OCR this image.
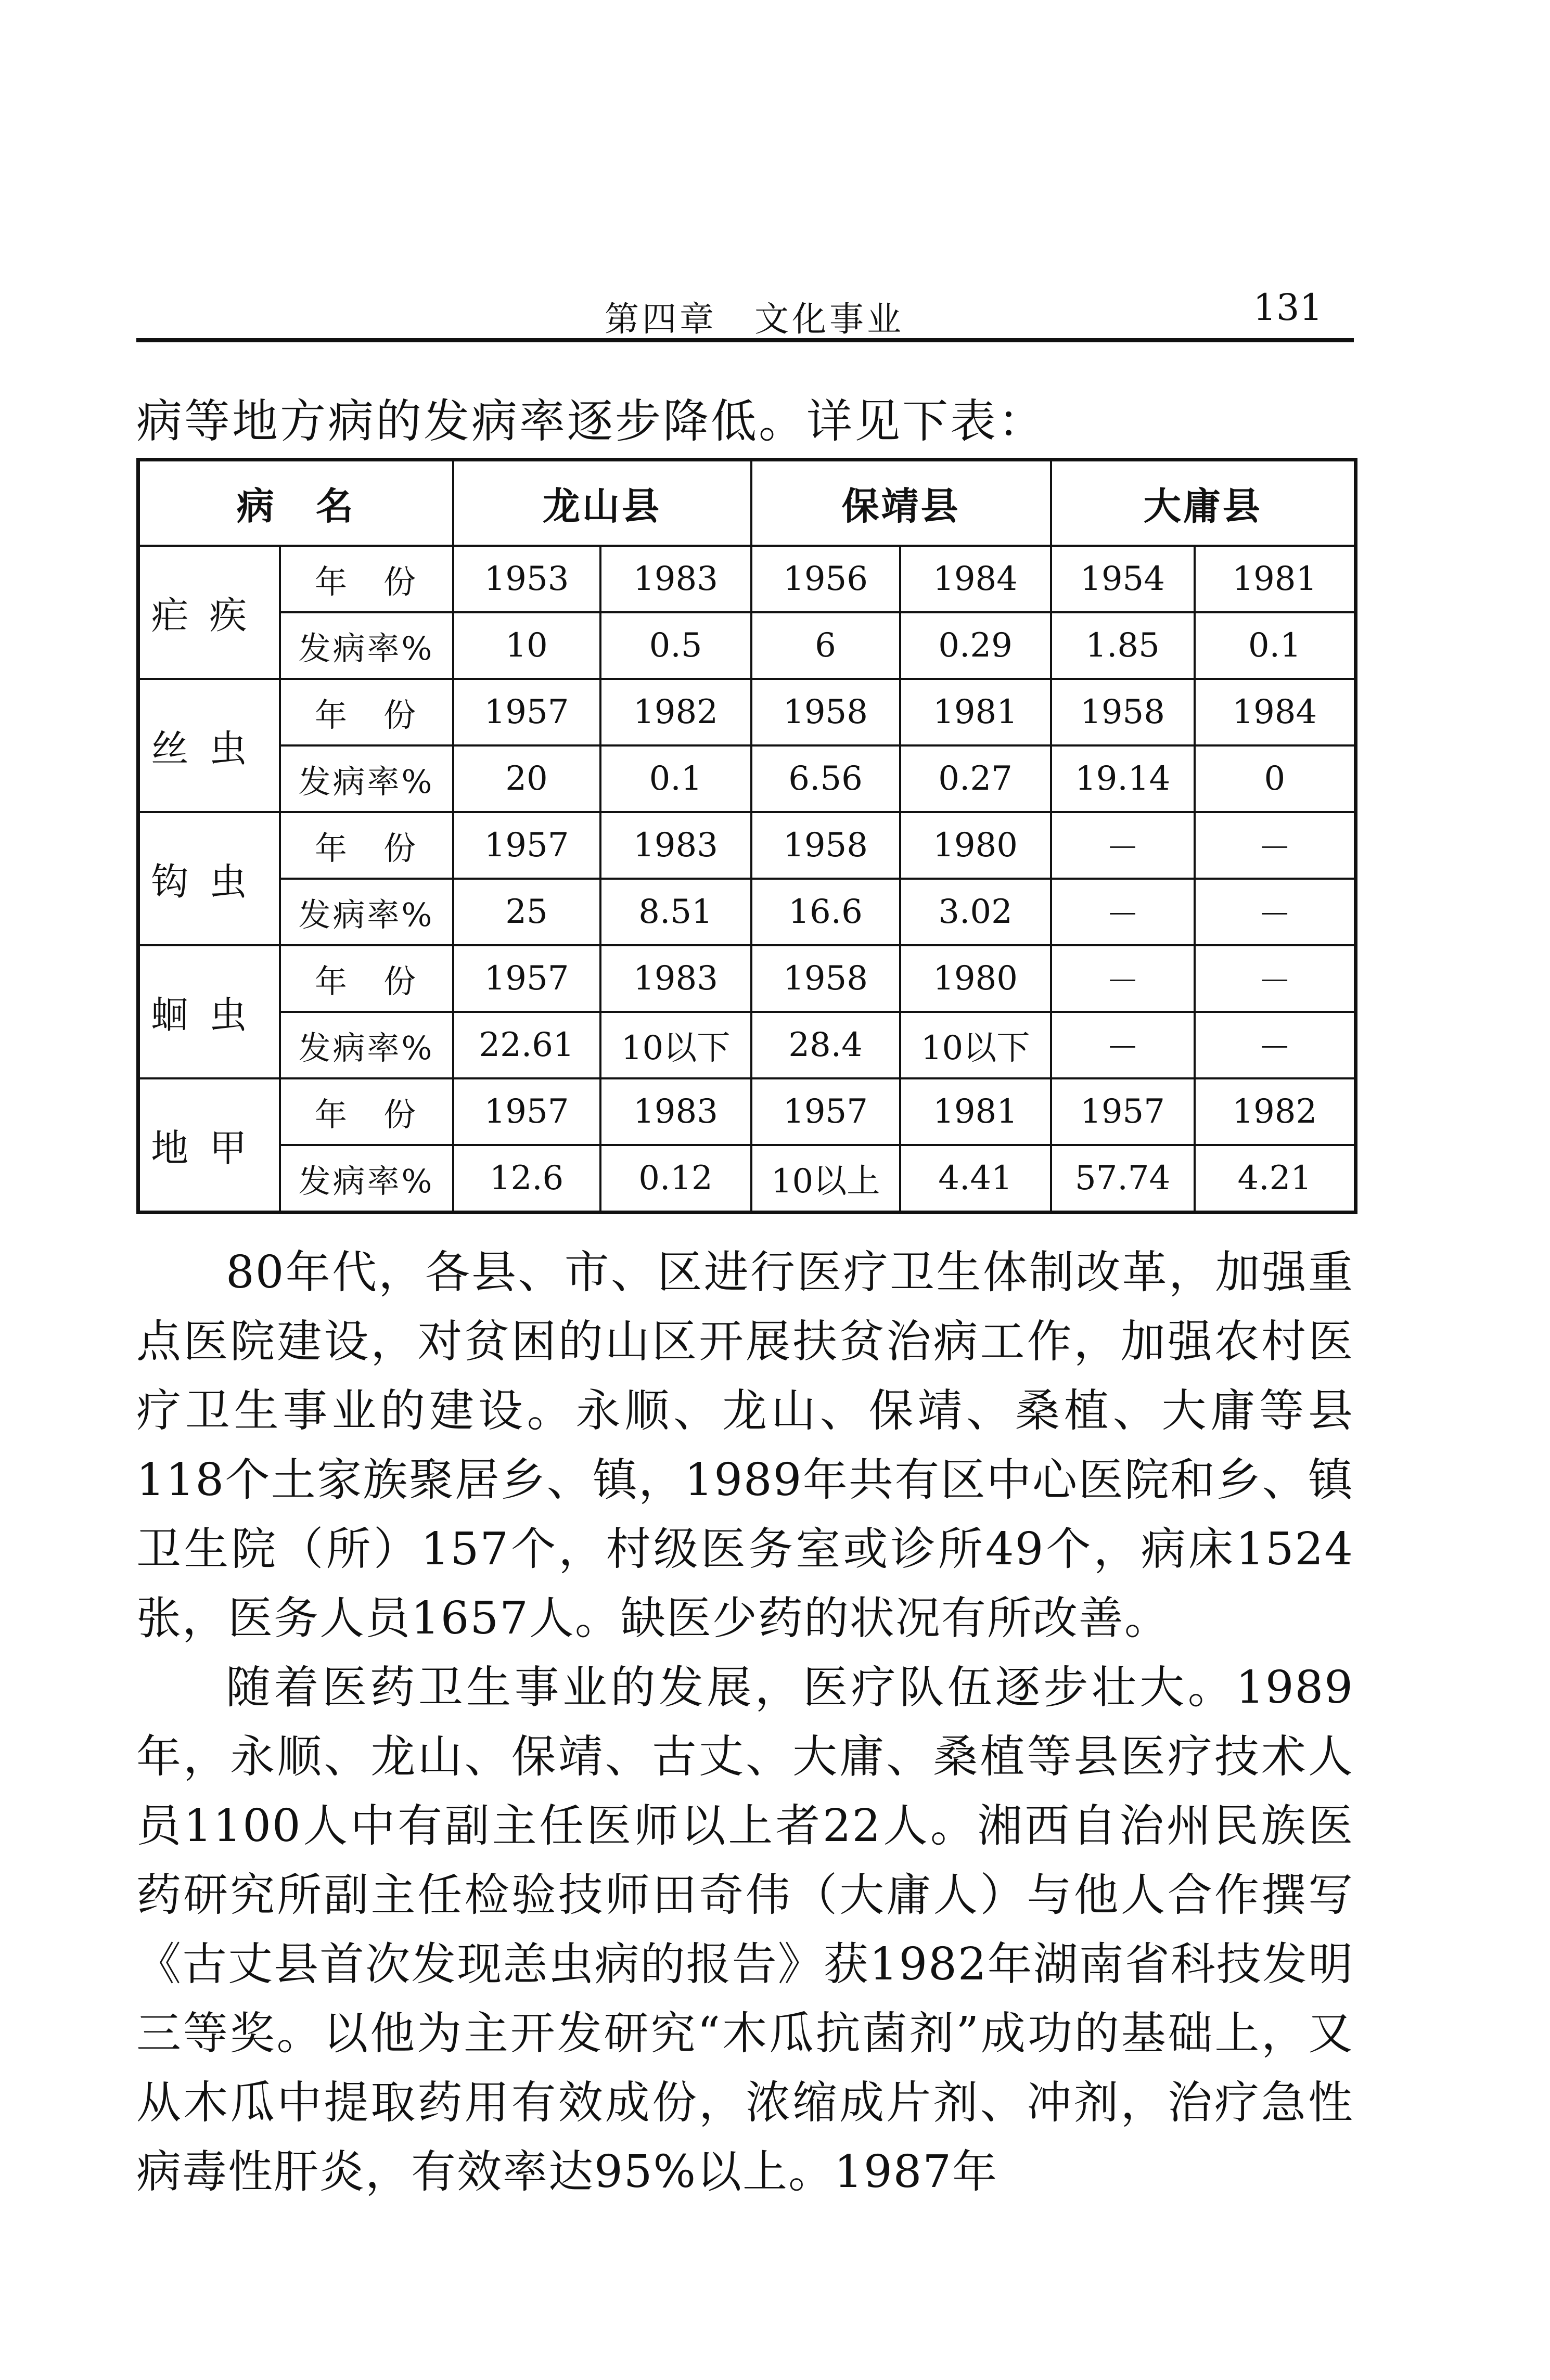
第四章　文化事业	131
病等地方病的发病率逐步降低。详见下表：
病　名		龙山县		保靖县		大庸县	
疟疾	年　份	1953	1983	1956	1984	1954	1981
	发病率%	10	0.5	6	0.29	1.85	0.1
丝虫	年　份	1957	1982	1958	1981	1958	1984
	发病率%	20	0.1	6.56	0.27	19.14	0
钩虫	年　份	1957	1983	1958	1980	－	－
	发病率%	25	8.51	16.6	3.02	－	－
蛔虫	年　份	1957	1983	1958	1980	－	－
	发病率%	22.61	10以下	28.4	10以下	－	－
地甲	年　份	1957	1983	1957	1981	1957	1982
	发病率%	12.6	0.12	10以上	4.41	57.74	4.21

80年代，各县、市、区进行医疗卫生体制改革，加强重点医院建设，对贫困的山区开展扶贫治病工作，加强农村医疗卫生事业的建设。永顺、龙山、保靖、桑植、大庸等县118个土家族聚居乡、镇，1989年共有区中心医院和乡、镇卫生院（所）157个，村级医务室或诊所49个，病床1524张，医务人员1657人。缺医少药的状况有所改善。

随着医药卫生事业的发展，医疗队伍逐步壮大。1989年，永顺、龙山、保靖、古丈、大庸、桑植等县医疗技术人员1100人中有副主任医师以上者22人。湘西自治州民族医药研究所副主任检验技师田奇伟（大庸人）与他人合作撰写《古丈县首次发现恙虫病的报告》获1982年湖南省科技发明三等奖。以他为主开发研究“木瓜抗菌剂”成功的基础上，又从木瓜中提取药用有效成份，浓缩成片剂、冲剂，治疗急性病毒性肝炎，有效率达95%以上。1987年
